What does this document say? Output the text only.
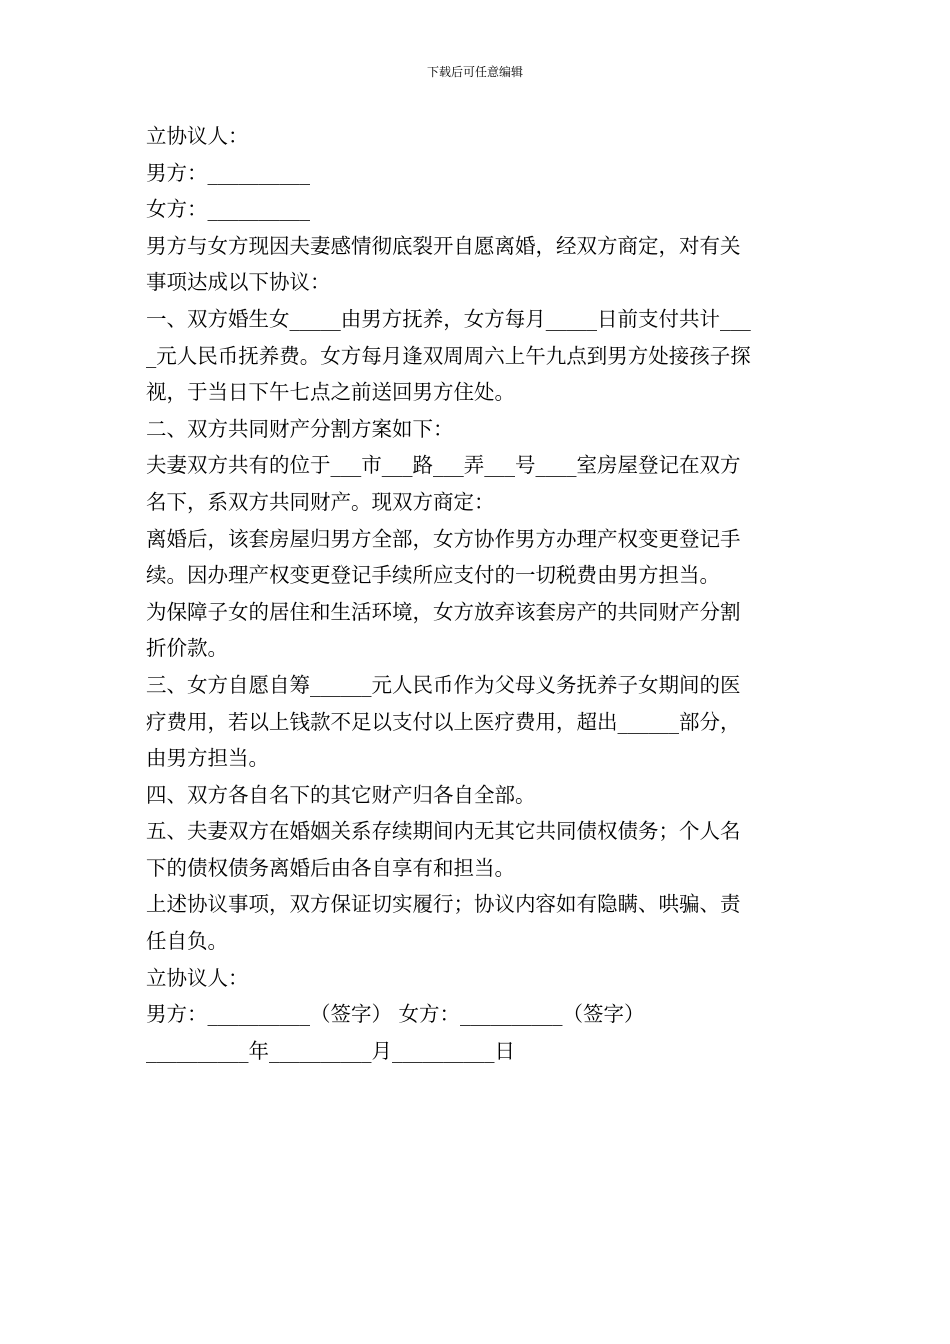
下载后可任意编辑
立协议人：
男方：__________
女方：__________
男方与女方现因夫妻感情彻底裂开自愿离婚，经双方商定，对有关
事项达成以下协议：
一、双方婚生女_____由男方抚养，女方每月_____日前支付共计___
_元人民币抚养费。女方每月逢双周周六上午九点到男方处接孩子探
视，于当日下午七点之前送回男方住处。
二、双方共同财产分割方案如下：
夫妻双方共有的位于___市___路___弄___号____室房屋登记在双方
名下，系双方共同财产。现双方商定：
离婚后，该套房屋归男方全部，女方协作男方办理产权变更登记手
续。因办理产权变更登记手续所应支付的一切税费由男方担当。
为保障子女的居住和生活环境，女方放弃该套房产的共同财产分割
折价款。
三、女方自愿自筹______元人民币作为父母义务抚养子女期间的医
疗费用，若以上钱款不足以支付以上医疗费用，超出______部分，
由男方担当。
四、双方各自名下的其它财产归各自全部。
五、夫妻双方在婚姻关系存续期间内无其它共同债权债务；个人名
下的债权债务离婚后由各自享有和担当。
上述协议事项，双方保证切实履行；协议内容如有隐瞒、哄骗、责
任自负。
立协议人：
男方：__________（签字） 女方：__________（签字）
__________年__________月__________日
